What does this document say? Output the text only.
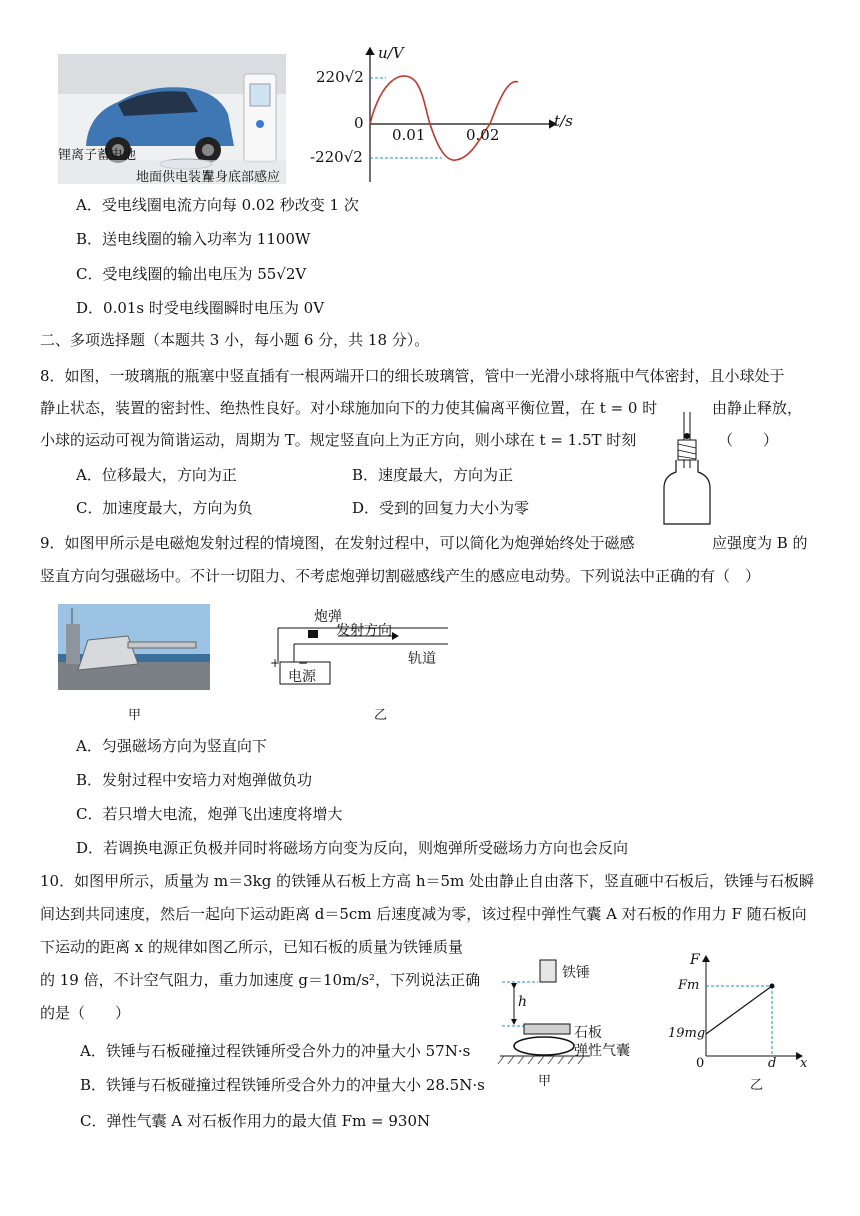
锂离子蓄电池
地面供电装置
车身底部感应
u/V
220√2
0
-220√2
0.01	0.02
t/s
A．受电线圈电流方向每 0.02 秒改变 1 次
B．送电线圈的输入功率为 1100W
C．受电线圈的输出电压为 55√2V
D．0.01s 时受电线圈瞬时电压为 0V
二、多项选择题（本题共 3 小，每小题 6 分，共 18 分）。
8．如图，一玻璃瓶的瓶塞中竖直插有一根两端开口的细长玻璃管，管中一光滑小球将瓶中气体密封，且小球处于
静止状态，装置的密封性、绝热性良好。对小球施加向下的力使其偏离平衡位置，在 t = 0 时	由静止释放，
小球的运动可视为简谐运动，周期为 T。规定竖直向上为正方向，则小球在 t = 1.5T 时刻	（　　）
A．位移最大，方向为正	B．速度最大，方向为正
C．加速度最大，方向为负	D．受到的回复力大小为零
9．如图甲所示是电磁炮发射过程的情境图，在发射过程中，可以简化为炮弹始终处于磁感	应强度为 B 的
竖直方向匀强磁场中。不计一切阻力、不考虑炮弹切割磁感线产生的感应电动势。下列说法中正确的有（　）
甲
炮弹
发射方向
轨道
电源
+ −
乙
A．匀强磁场方向为竖直向下
B．发射过程中安培力对炮弹做负功
C．若只增大电流，炮弹飞出速度将增大
D．若调换电源正负极并同时将磁场方向变为反向，则炮弹所受磁场力方向也会反向
10．如图甲所示，质量为 m＝3kg 的铁锤从石板上方高 h＝5m 处由静止自由落下，竖直砸中石板后，铁锤与石板瞬
间达到共同速度，然后一起向下运动距离 d＝5cm 后速度减为零，该过程中弹性气囊 A 对石板的作用力 F 随石板向
下运动的距离 x 的规律如图乙所示，已知石板的质量为铁锤质量
的 19 倍，不计空气阻力，重力加速度 g＝10m/s²，下列说法正确
的是（　　）
铁锤
h
石板
弹性气囊
甲
F
Fm
19mg
0	d x
乙
A．铁锤与石板碰撞过程铁锤所受合外力的冲量大小 57N·s
B．铁锤与石板碰撞过程铁锤所受合外力的冲量大小 28.5N·s
C．弹性气囊 A 对石板作用力的最大值 Fm = 930N
